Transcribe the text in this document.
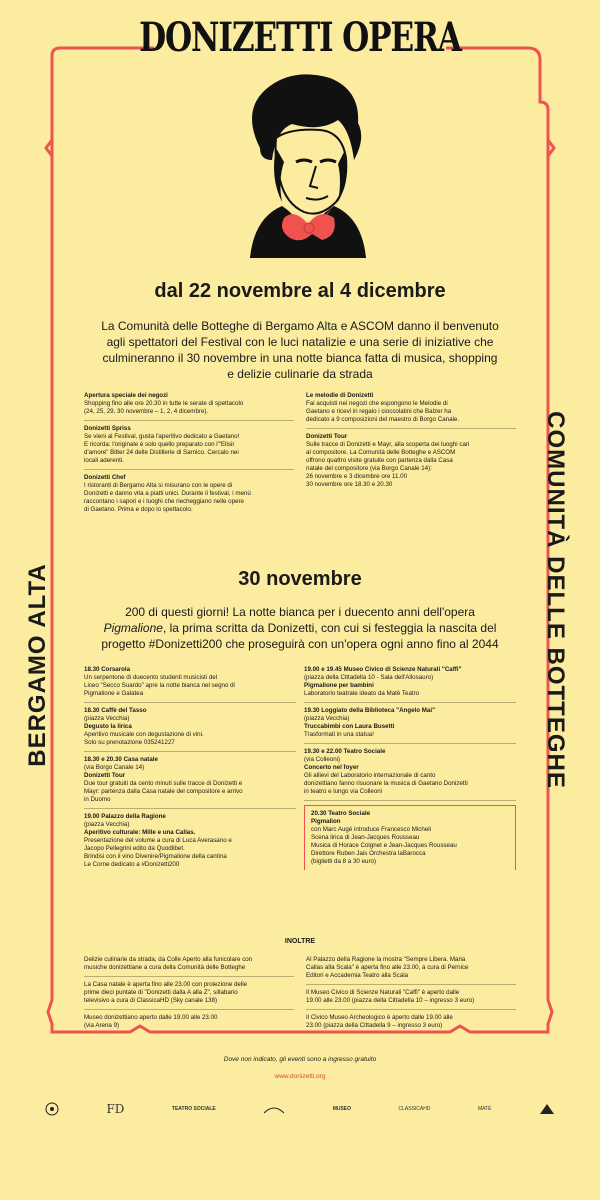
DONIZETTI OPERA
BERGAMO ALTA	COMUNITÀ DELLE BOTTEGHE
dal 22 novembre al 4 dicembre
La Comunità delle Botteghe di Bergamo Alta e ASCOM danno il benvenuto agli spettatori del Festival con le luci natalizie e una serie di iniziative che culmineranno il 30 novembre in una notte bianca fatta di musica, shopping e delizie culinarie da strada
Apertura speciale dei negozi
Shopping fino alle ore 20.30 in tutte le serate di spettacolo
(24, 25, 29, 30 novembre – 1, 2, 4 dicembre).
Donizetti Spriss
Se vieni al Festival, gusta l'aperitivo dedicato a Gaetano!
E ricorda: l'originale è solo quello preparato con l'"Elisir
d'amore" Bitter 24 delle Distillerie di Sarnico. Cercalo nei
locali aderenti.
Donizetti Chef
I ristoranti di Bergamo Alta si misurano con le opere di
Donizetti e danno vita a piatti unici. Durante il festival, i menù
raccontano i sapori e i luoghi che riecheggiano nelle opere
di Gaetano. Prima e dopo lo spettacolo.
Le melodie di Donizetti
Fai acquisti nei negozi che espongono le Melodie di
Gaetano e ricevi in regalo i cioccolatini che Balzer ha
dedicato a 9 composizioni del maestro di Borgo Canale.
Donizetti Tour
Sulle tracce di Donizetti e Mayr, alla scoperta dei luoghi cari
al compositore. La Comunità delle Botteghe e ASCOM
offrono quattro visite gratuite con partenza dalla Casa
natale del compositore (via Borgo Canale 14):
26 novembre e 3 dicembre ore 11.00
30 novembre ore 18.30 e 20.30
30 novembre
200 di questi giorni! La notte bianca per i duecento anni dell'opera Pigmalione, la prima scritta da Donizetti, con cui si festeggia la nascita del progetto #Donizetti200 che proseguirà con un'opera ogni anno fino al 2044
18.30 Corsarola
Un serpentone di duecento studenti musicisti del
Liceo "Secco Suardo" apre la notte bianca nel segno di
Pigmalione e Galatea
18.30 Caffè del Tasso
(piazza Vecchia)
Degusto la lirica
Aperitivo musicale con degustazione di vini.
Solo su prenotazione 035241227
18.30 e 20.30 Casa natale
(via Borgo Canale 14)
Donizetti Tour
Due tour gratuiti da cento minuti sulle tracce di Donizetti e
Mayr: partenza dalla Casa natale del compositore e arrivo
in Duomo
19.00 Palazzo della Ragione
(piazza Vecchia)
Aperitivo culturale: Mille e una Callas.
Presentazione del volume a cura di Luca Averasano e
Jacopo Pellegrini edito da Quodlibet.
Brindisi con il vino Divenire/Pigmalione della cantina
Le Corne dedicato a #Donizetti200
19.00 e 19.45 Museo Civico di Scienze Naturali "Caffi"
(piazza della Cittadella 10 - Sala dell'Allosauro)
Pigmalione per bambini
Laboratorio teatrale ideato da Matè Teatro
19.30 Loggiato della Biblioteca "Angelo Mai"
(piazza Vecchia)
Truccabimbi con Laura Busetti
Trasformati in una statua!
19.30 e 22.00 Teatro Sociale
(via Colleoni)
Concerto nel foyer
Gli allievi del Laboratorio internazionale di canto
donizettiano fanno risuonare la musica di Gaetano Donizetti
in teatro e lungo via Colleoni
20.30 Teatro Sociale
Pigmalion
con Marc Augé introduce Francesco Micheli
Scena lirica di Jean-Jacques Rousseau
Musica di Horace Coignet e Jean-Jacques Rousseau
Direttore Ruben Jais Orchestra laBarocca
(biglietti da 8 a 30 euro)
INOLTRE
Delizie culinarie da strada, da Colle Aperto alla funicolare con
musiche donizettiane a cura della Comunità delle Botteghe
La Casa natale è aperta fino alle 23.00 con proiezione delle
prime dieci puntate di "Donizetti dalla A alla Z", sillabario
televisivo a cura di ClassicaHD (Sky canale 138)
Museo donizettiano aperto dalle 19.00 alle 23.00
(via Arena 9)
Al Palazzo della Ragione la mostra "Sempre Libera. Maria
Callas alla Scala" è aperta fino alle 23.00, a cura di Pernice
Editori e Accademia Teatro alla Scala
Il Museo Civico di Scienze Naturali "Caffi" è aperto dalle
19.00 alle 23.00 (piazza della Cittadella 10 – ingresso 3 euro)
Il Civico Museo Archeologico è aperto dalle 19.00 alle
23.00 (piazza della Cittadella 9 – ingresso 3 euro)
Dove non indicato, gli eventi sono a ingresso gratuito
www.donizetti.org
FD	TEATRO SOCIALE	MUSEO	CLASSICAHD	MATÈ
